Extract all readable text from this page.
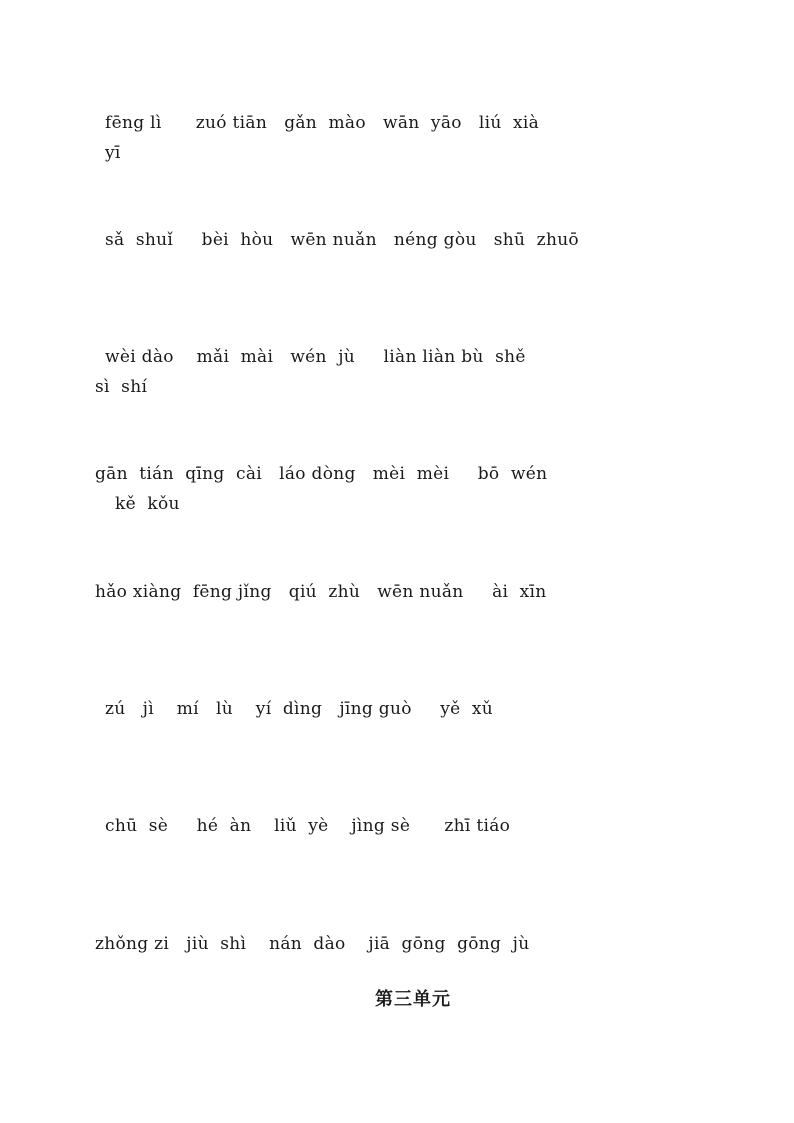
fēng lì      zuó tiān   gǎn  mào   wān  yāo   liú  xià
yī
sǎ  shuǐ     bèi  hòu   wēn nuǎn   néng gòu   shū  zhuō
wèi dào    mǎi  mài   wén  jù     liàn liàn bù  shě
sì  shí
gān  tián  qīng  cài   láo dòng   mèi  mèi     bō  wén
kě  kǒu
hǎo xiàng  fēng jǐng   qiú  zhù   wēn nuǎn     ài  xīn
zú   jì    mí   lù    yí  dìng   jīng guò     yě  xǔ
chū  sè     hé  àn    liǔ  yè    jìng sè      zhī tiáo
zhǒng zi   jiù  shì    nán  dào    jiā  gōng  gōng  jù
第三单元
